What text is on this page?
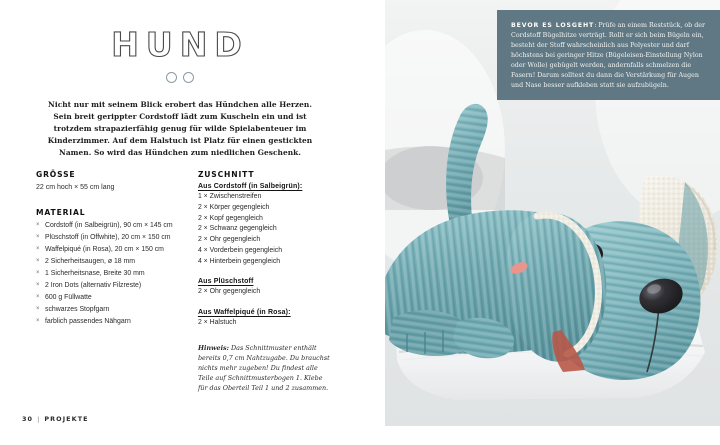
HUND
Nicht nur mit seinem Blick erobert das Hündchen alle Herzen. Sein breit gerippter Cordstoff lädt zum Kuscheln ein und ist trotzdem strapazierfähig genug für wilde Spielabenteuer im Kinderzimmer. Auf dem Halstuch ist Platz für einen gestickten Namen. So wird das Hündchen zum niedlichen Geschenk.
GRÖSSE
22 cm hoch × 55 cm lang
MATERIAL
× Cordstoff (in Salbeigrün), 90 cm × 145 cm
× Plüschstoff (in Offwhite), 20 cm × 150 cm
× Waffelpiqué (in Rosa), 20 cm × 150 cm
× 2 Sicherheitsaugen, ø 18 mm
× 1 Sicherheitsnase, Breite 30 mm
× 2 Iron Dots (alternativ Filzreste)
× 600 g Füllwatte
× schwarzes Stopfgarn
× farblich passendes Nähgarn
ZUSCHNITT
Aus Cordstoff (in Salbeigrün):
1 × Zwischenstreifen
2 × Körper gegengleich
2 × Kopf gegengleich
2 × Schwanz gegengleich
2 × Ohr gegengleich
4 × Vorderbein gegengleich
4 × Hinterbein gegengleich
Aus Plüschstoff
2 × Ohr gegengleich
Aus Waffelpiqué (in Rosa):
2 × Halstuch
Hinweis: Das Schnittmuster enthält bereits 0,7 cm Nahtzugabe. Du brauchst nichts mehr zugeben! Du findest alle Teile auf Schnittmusterbogen 1. Klebe für das Oberteil Teil 1 und 2 zusammen.
30 | PROJEKTE
BEVOR ES LOSGEHT: Prüfe an einem Reststück, ob der Cordstoff Bügelhitze verträgt. Rollt er sich beim Bügeln ein, besteht der Stoff wahrscheinlich aus Polyester und darf höchstens bei geringer Hitze (Bügeleisen-Einstellung Nylon oder Wolle) gebügelt werden, andernfalls schmelzen die Fasern! Darum solltest du dann die Verstärkung für Augen und Nase besser aufkleben statt sie aufzubügeln.
